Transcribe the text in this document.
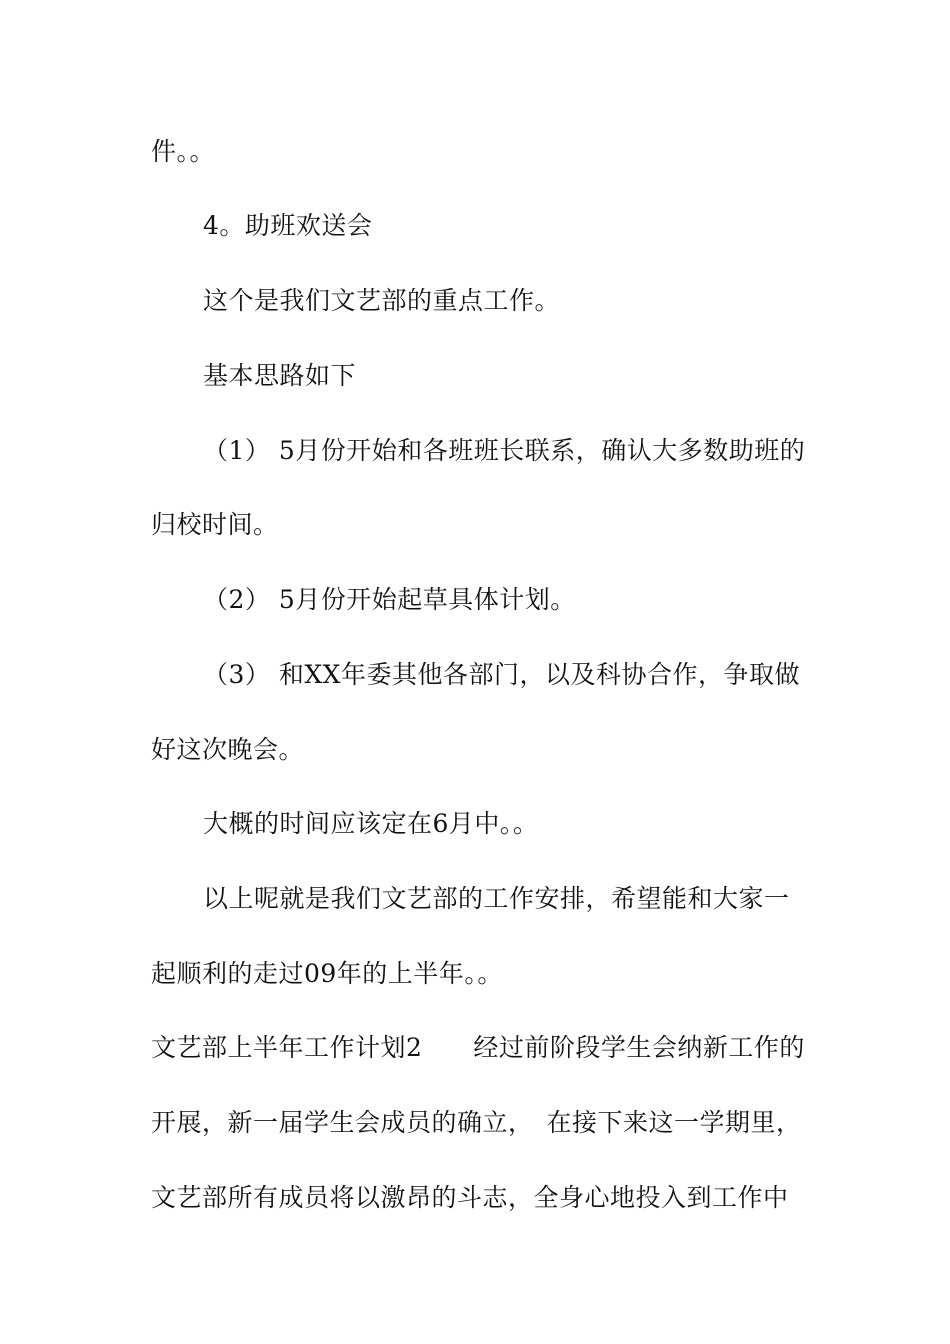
件。。
4。助班欢送会
这个是我们文艺部的重点工作。
基本思路如下
（1） 5月份开始和各班班长联系，确认大多数助班的
归校时间。
（2） 5月份开始起草具体计划。
（3） 和XX年委其他各部门，以及科协合作，争取做
好这次晚会。
大概的时间应该定在6月中。。
以上呢就是我们文艺部的工作安排，希望能和大家一
起顺利的走过09年的上半年。。
文艺部上半年工作计划2　　经过前阶段学生会纳新工作的
开展，新一届学生会成员的确立，　在接下来这一学期里，
文艺部所有成员将以激昂的斗志，全身心地投入到工作中
